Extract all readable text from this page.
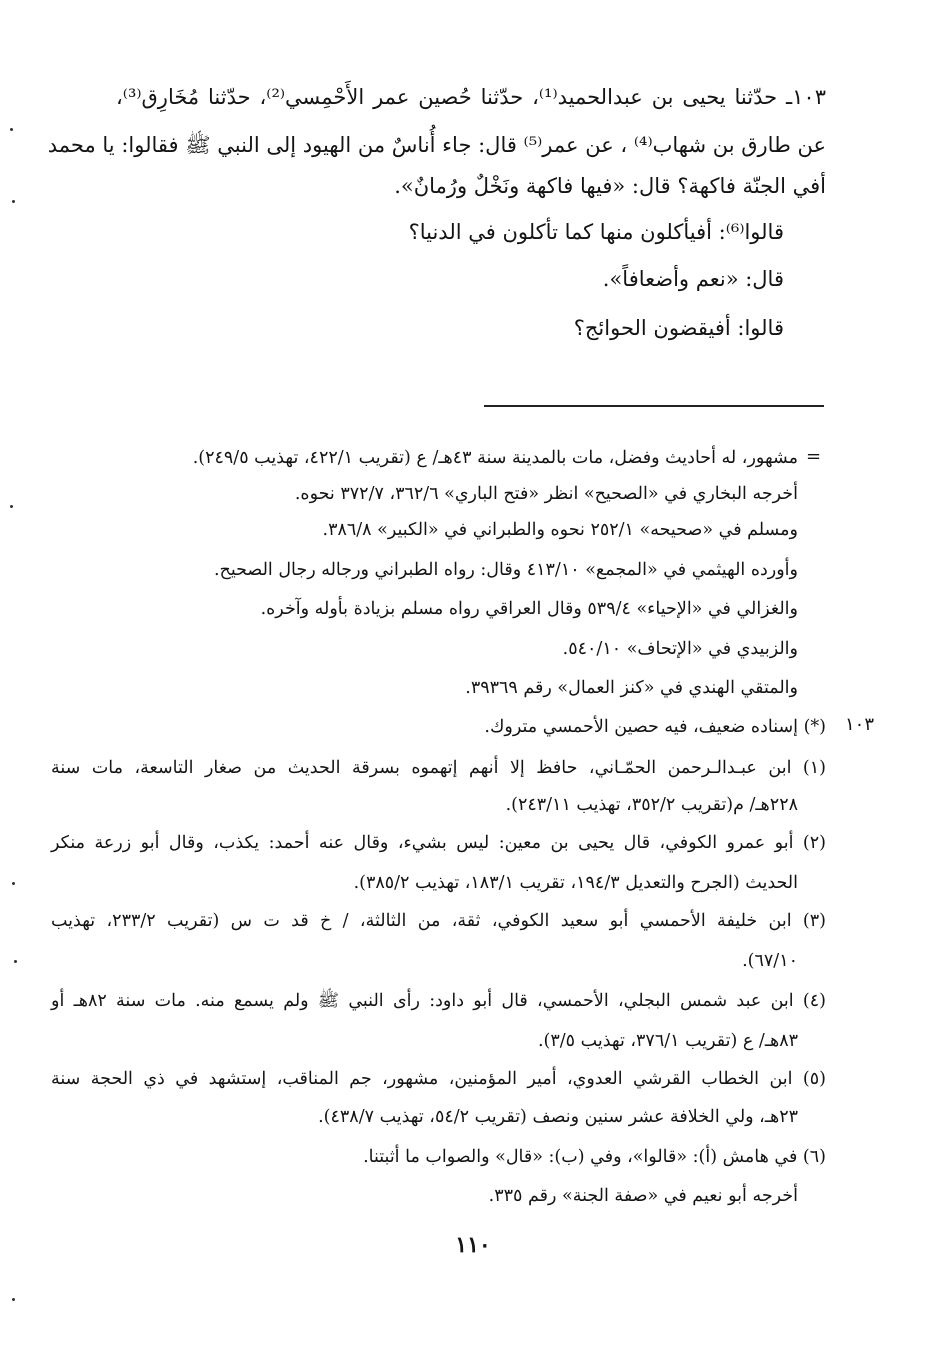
١٠٣ـ حدّثنا يحيى بن عبدالحميد⁽¹⁾، حدّثنا حُصين عمر الأَحْمِسي⁽²⁾، حدّثنا مُخَارِق⁽³⁾،
عن طارق بن شهاب⁽⁴⁾ ، عن عمر⁽⁵⁾ قال: جاء أُناسٌ من الهيود إلى النبي ﷺ فقالوا: يا محمد
أفي الجنّة فاكهة؟ قال: «فيها فاكهة ونَخْلٌ ورُمانٌ».
قالوا⁽⁶⁾: أفيأكلون منها كما تأكلون في الدنيا؟
قال: «نعم وأضعافاً».
قالوا: أفيقضون الحوائج؟
=
مشهور، له أحاديث وفضل، مات بالمدينة سنة ٤٣هـ/ ع (تقريب ٤٢٢/١، تهذيب ٢٤٩/٥).
أخرجه البخاري في «الصحيح» انظر «فتح الباري» ٣٦٢/٦، ٣٧٢/٧ نحوه.
ومسلم في «صحيحه» ٢٥٢/١ نحوه والطبراني في «الكبير» ٣٨٦/٨.
وأورده الهيثمي في «المجمع» ٤١٣/١٠ وقال: رواه الطبراني ورجاله رجال الصحيح.
والغزالي في «الإحياء» ٥٣٩/٤ وقال العراقي رواه مسلم بزيادة بأوله وآخره.
والزبيدي في «الإتحاف» ٥٤٠/١٠.
والمتقي الهندي في «كنز العمال» رقم ٣٩٣٦٩.
١٠٣
(*) إسناده ضعيف، فيه حصين الأحمسي متروك.
(١) ابن عبـدالـرحمن الحمّـاني، حافظ إلا أنهم إتهموه بسرقة الحديث من صغار التاسعة، مات سنة
٢٢٨هـ/ م(تقريب ٣٥٢/٢، تهذيب ٢٤٣/١١).
(٢) أبو عمرو الكوفي، قال يحيى بن معين: ليس بشيء، وقال عنه أحمد: يكذب، وقال أبو زرعة منكر
الحديث (الجرح والتعديل ١٩٤/٣، تقريب ١٨٣/١، تهذيب ٣٨٥/٢).
(٣) ابن خليفة الأحمسي أبو سعيد الكوفي، ثقة، من الثالثة، / خ قد ت س (تقريب ٢٣٣/٢، تهذيب
٦٧/١٠).
(٤) ابن عبد شمس البجلي، الأحمسي، قال أبو داود: رأى النبي ﷺ ولم يسمع منه. مات سنة ٨٢هـ أو
٨٣هـ/ ع (تقريب ٣٧٦/١، تهذيب ٣/٥).
(٥) ابن الخطاب القرشي العدوي، أمير المؤمنين، مشهور، جم المناقب، إستشهد في ذي الحجة سنة
٢٣هـ، ولي الخلافة عشر سنين ونصف (تقريب ٥٤/٢، تهذيب ٤٣٨/٧).
(٦) في هامش (أ): «قالوا»، وفي (ب): «قال» والصواب ما أثبتنا.
أخرجه أبو نعيم في «صفة الجنة» رقم ٣٣٥.
١١٠
